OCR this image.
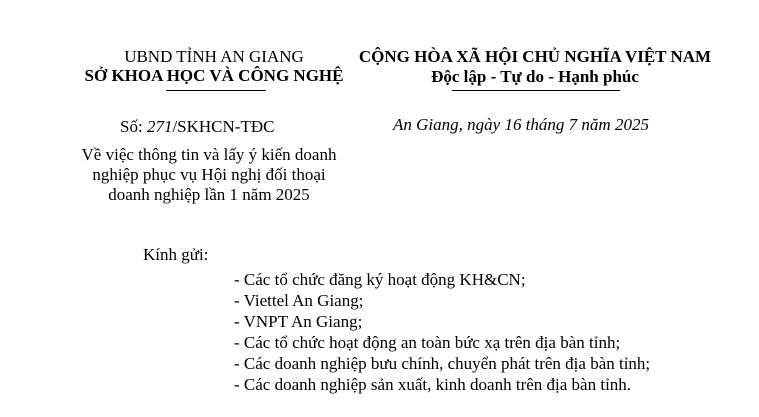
UBND TỈNH AN GIANG
SỞ KHOA HỌC VÀ CÔNG NGHỆ
CỘNG HÒA XÃ HỘI CHỦ NGHĨA VIỆT NAM
Độc lập - Tự do - Hạnh phúc
Số: 271/SKHCN-TĐC	An Giang, ngày 16 tháng 7 năm 2025
Về việc thông tin và lấy ý kiến doanh
nghiệp phục vụ Hội nghị đối thoại
doanh nghiệp lần 1 năm 2025
Kính gửi:
- Các tổ chức đăng ký hoạt động KH&CN;
- Viettel An Giang;
- VNPT An Giang;
- Các tổ chức hoạt động an toàn bức xạ trên địa bàn tỉnh;
- Các doanh nghiệp bưu chính, chuyển phát trên địa bàn tỉnh;
- Các doanh nghiệp sản xuất, kinh doanh trên địa bàn tỉnh.
